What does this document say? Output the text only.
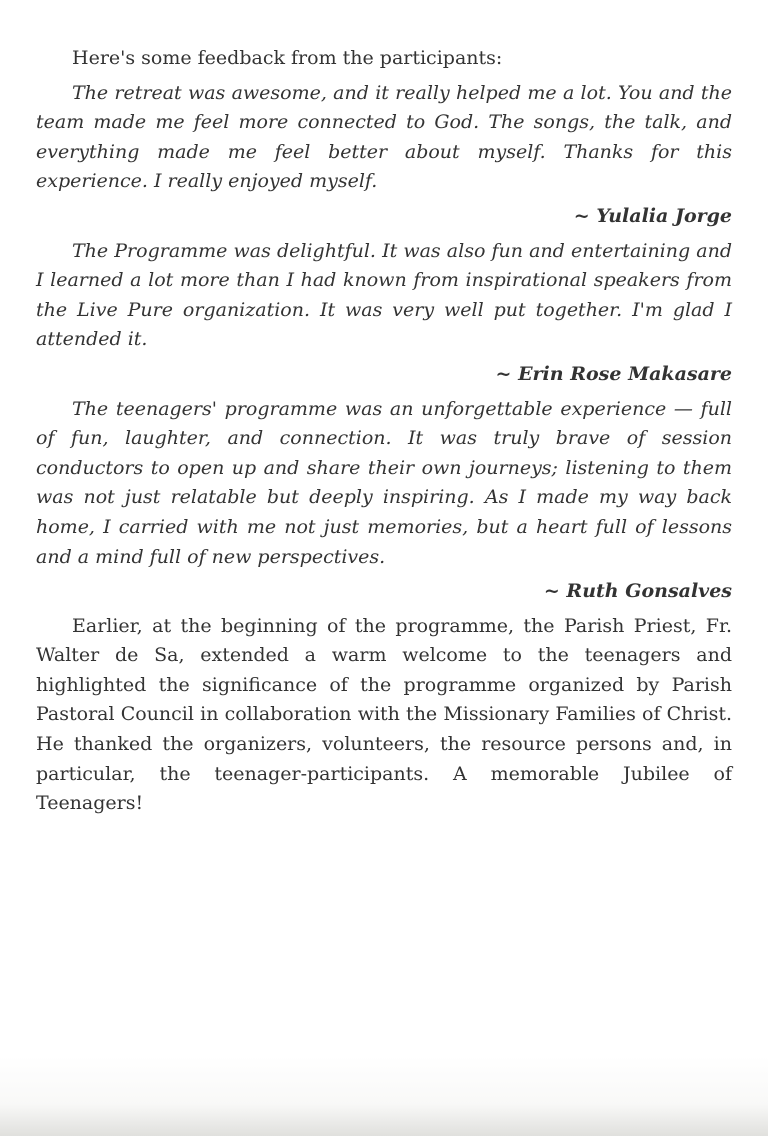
Here's some feedback from the participants:

The retreat was awesome, and it really helped me a lot. You and the team made me feel more connected to God. The songs, the talk, and everything made me feel better about myself. Thanks for this experience. I really enjoyed myself.

~ Yulalia Jorge

The Programme was delightful. It was also fun and entertaining and I learned a lot more than I had known from inspirational speakers from the Live Pure organization. It was very well put together. I'm glad I attended it.

~ Erin Rose Makasare

The teenagers' programme was an unforgettable experience — full of fun, laughter, and connection. It was truly brave of session conductors to open up and share their own journeys; listening to them was not just relatable but deeply inspiring. As I made my way back home, I carried with me not just memories, but a heart full of lessons and a mind full of new perspectives.

~ Ruth Gonsalves

Earlier, at the beginning of the programme, the Parish Priest, Fr. Walter de Sa, extended a warm welcome to the teenagers and highlighted the significance of the programme organized by Parish Pastoral Council in collaboration with the Missionary Families of Christ. He thanked the organizers, volunteers, the resource persons and, in particular, the teenager-participants. A memorable Jubilee of Teenagers!
